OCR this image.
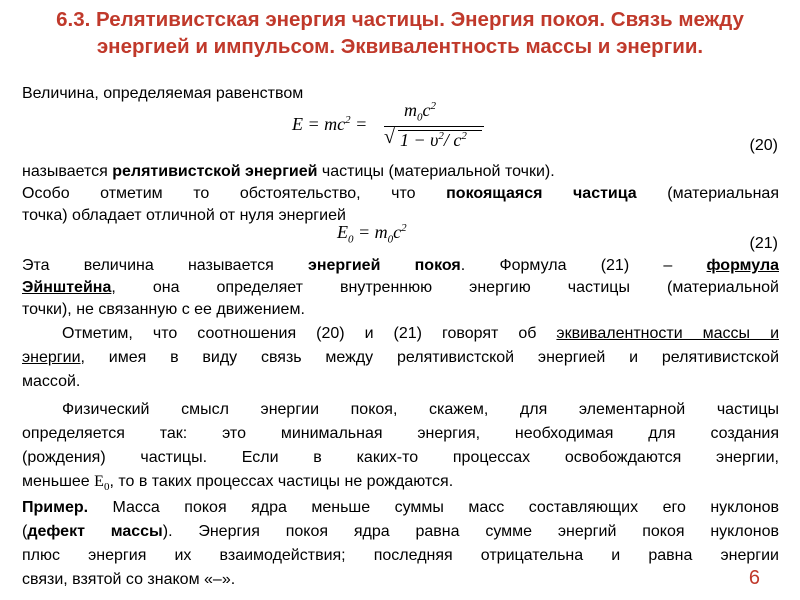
6.3. Релятивистская энергия частицы. Энергия покоя. Связь между
энергией и импульсом. Эквивалентность массы и энергии.
Величина, определяемая равенством
$E = mc^2$ =
$m_0c^2$
√ $1 - \upsilon^2/$ $c^2$
(20)
называется релятивистской энергией частицы (материальной точки).
Особо отметим то обстоятельство, что покоящаяся частица (материальная
точка) обладает отличной от нуля энергией
$E_0 = m_0c^2$
(21)
Эта величина называется энергией покоя. Формула (21) – формула
Эйнштейна, она определяет внутреннюю энергию частицы (материальной
точки), не связанную с ее движением.
Отметим, что соотношения (20) и (21) говорят об эквивалентности массы и
энергии, имея в виду связь между релятивистской энергией и релятивистской
массой.
Физический смысл энергии покоя, скажем, для элементарной частицы
определяется так: это минимальная энергия, необходимая для создания
(рождения) частицы. Если в каких-то процессах освобождаются энергии,
меньшее $E_0$, то в таких процессах частицы не рождаются.
Пример. Масса покоя ядра меньше суммы масс составляющих его нуклонов
(дефект массы). Энергия покоя ядра равна сумме энергий покоя нуклонов
плюс энергия их взаимодействия; последняя отрицательна и равна энергии
связи, взятой со знаком «–».	6
